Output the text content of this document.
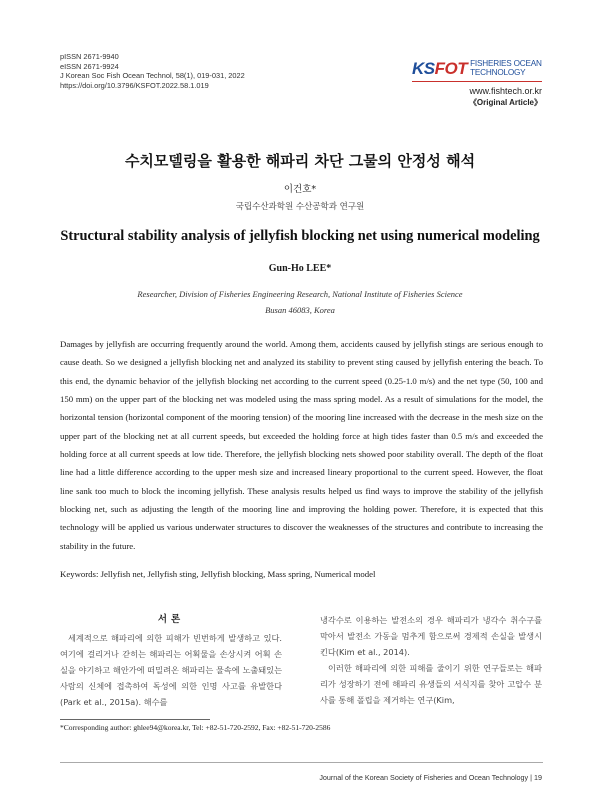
pISSN 2671-9940
eISSN 2671-9924
J Korean Soc Fish Ocean Technol, 58(1), 019-031, 2022
https://doi.org/10.3796/KSFOT.2022.58.1.019
KS FOT FISHERIES OCEAN
TECHNOLOGY
www.fishtech.or.kr
《Original Article》
수치모델링을 활용한 해파리 차단 그물의 안정성 해석
이건호*
국립수산과학원 수산공학과 연구원
Structural stability analysis of jellyfish blocking net using numerical modeling
Gun-Ho LEE*
Researcher, Division of Fisheries Engineering Research, National Institute of Fisheries Science
Busan 46083, Korea
Damages by jellyfish are occurring frequently around the world. Among them, accidents caused by jellyfish stings are serious enough to cause death. So we designed a jellyfish blocking net and analyzed its stability to prevent sting caused by jellyfish entering the beach. To this end, the dynamic behavior of the jellyfish blocking net according to the current speed (0.25-1.0 m/s) and the net type (50, 100 and 150 mm) on the upper part of the blocking net was modeled using the mass spring model. As a result of simulations for the model, the horizontal tension (horizontal component of the mooring tension) of the mooring line increased with the decrease in the mesh size on the upper part of the blocking net at all current speeds, but exceeded the holding force at high tides faster than 0.5 m/s and exceeded the holding force at all current speeds at low tide. Therefore, the jellyfish blocking nets showed poor stability overall. The depth of the float line had a little difference according to the upper mesh size and increased lineary proportional to the current speed. However, the float line sank too much to block the incoming jellyfish. These analysis results helped us find ways to improve the stability of the jellyfish blocking net, such as adjusting the length of the mooring line and improving the holding power. Therefore, it is expected that this technology will be applied us various underwater structures to discover the weaknesses of the structures and contribute to increasing the stability in the future.
Keywords: Jellyfish net, Jellyfish sting, Jellyfish blocking, Mass spring, Numerical model
서론
세계적으로 해파리에 의한 피해가 빈번하게 발생하고 있다. 여기에 걸리거나 갇히는 해파리는 어획물을 손상시켜 어획 손실을 야기하고 해안가에 떠밀려온 해파리는 물속에 노출돼있는 사람의 신체에 접촉하여 독성에 의한 인명 사고를 유발한다(Park et al., 2015a). 해수를
냉각수로 이용하는 발전소의 경우 해파리가 냉각수 취수구를 막아서 발전소 가동을 멈추게 함으로써 경제적 손실을 발생시킨다(Kim et al., 2014).
이러한 해파리에 의한 피해를 줄이기 위한 연구들로는 해파리가 성장하기 전에 해파리 유생들의 서식지를 찾아 고압수 분사를 통해 폴립을 제거하는 연구(Kim,
*Corresponding author: ghlee94@korea.kr, Tel: +82-51-720-2592, Fax: +82-51-720-2586
Journal of the Korean Society of Fisheries and Ocean Technology | 19
